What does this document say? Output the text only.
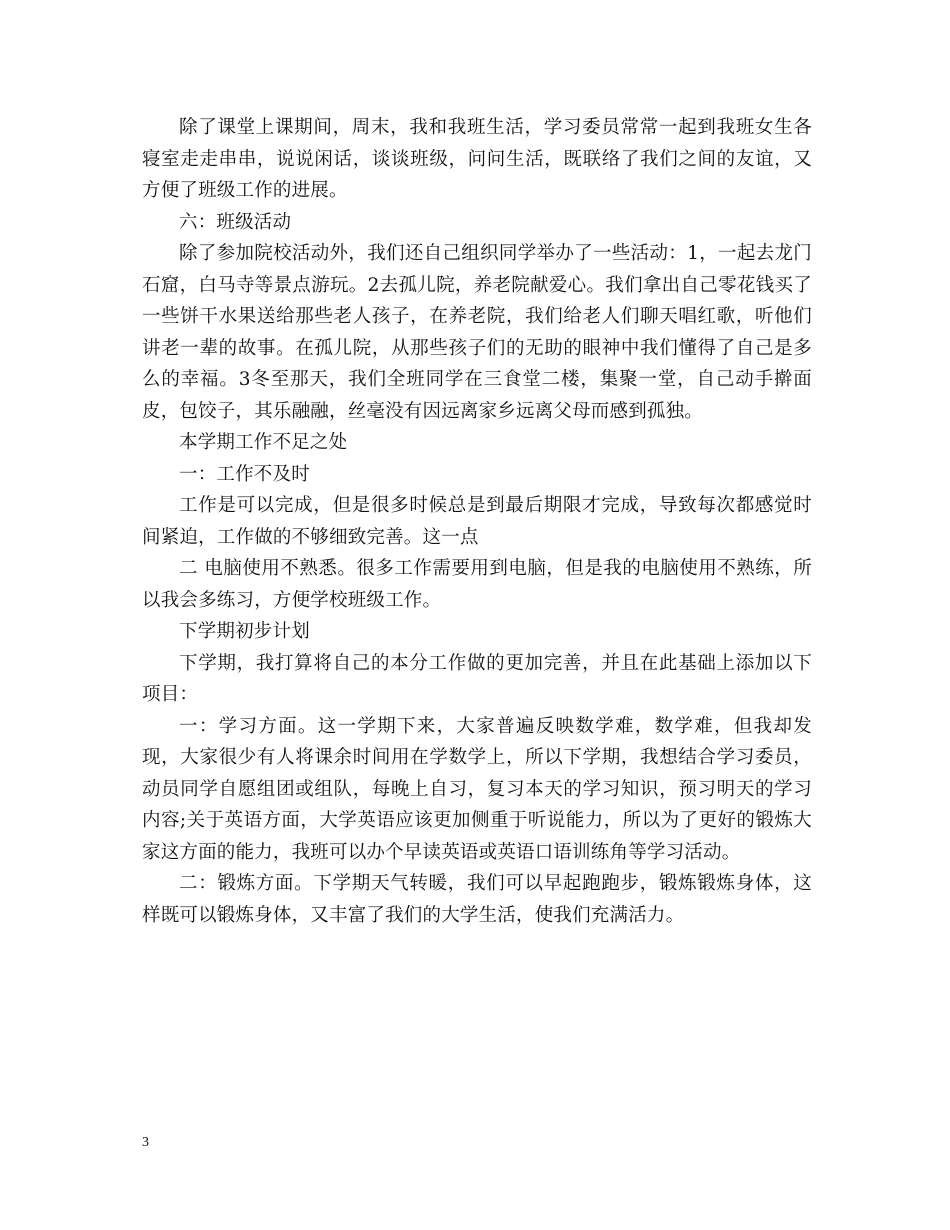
除了课堂上课期间，周末，我和我班生活，学习委员常常一起到我班女生各寝室走走串串，说说闲话，谈谈班级，问问生活，既联络了我们之间的友谊，又方便了班级工作的进展。

六：班级活动

除了参加院校活动外，我们还自己组织同学举办了一些活动：1，一起去龙门石窟，白马寺等景点游玩。2去孤儿院，养老院献爱心。我们拿出自己零花钱买了一些饼干水果送给那些老人孩子，在养老院，我们给老人们聊天唱红歌，听他们讲老一辈的故事。在孤儿院，从那些孩子们的无助的眼神中我们懂得了自己是多么的幸福。3冬至那天，我们全班同学在三食堂二楼，集聚一堂，自己动手擀面皮，包饺子，其乐融融，丝毫没有因远离家乡远离父母而感到孤独。

本学期工作不足之处

一：工作不及时

工作是可以完成，但是很多时候总是到最后期限才完成，导致每次都感觉时间紧迫，工作做的不够细致完善。这一点

二 电脑使用不熟悉。很多工作需要用到电脑，但是我的电脑使用不熟练，所以我会多练习，方便学校班级工作。

下学期初步计划

下学期，我打算将自己的本分工作做的更加完善，并且在此基础上添加以下项目：

一：学习方面。这一学期下来，大家普遍反映数学难，数学难，但我却发现，大家很少有人将课余时间用在学数学上，所以下学期，我想结合学习委员，动员同学自愿组团或组队，每晚上自习，复习本天的学习知识，预习明天的学习内容;关于英语方面，大学英语应该更加侧重于听说能力，所以为了更好的锻炼大家这方面的能力，我班可以办个早读英语或英语口语训练角等学习活动。

二：锻炼方面。下学期天气转暖，我们可以早起跑跑步，锻炼锻炼身体，这样既可以锻炼身体，又丰富了我们的大学生活，使我们充满活力。

3
